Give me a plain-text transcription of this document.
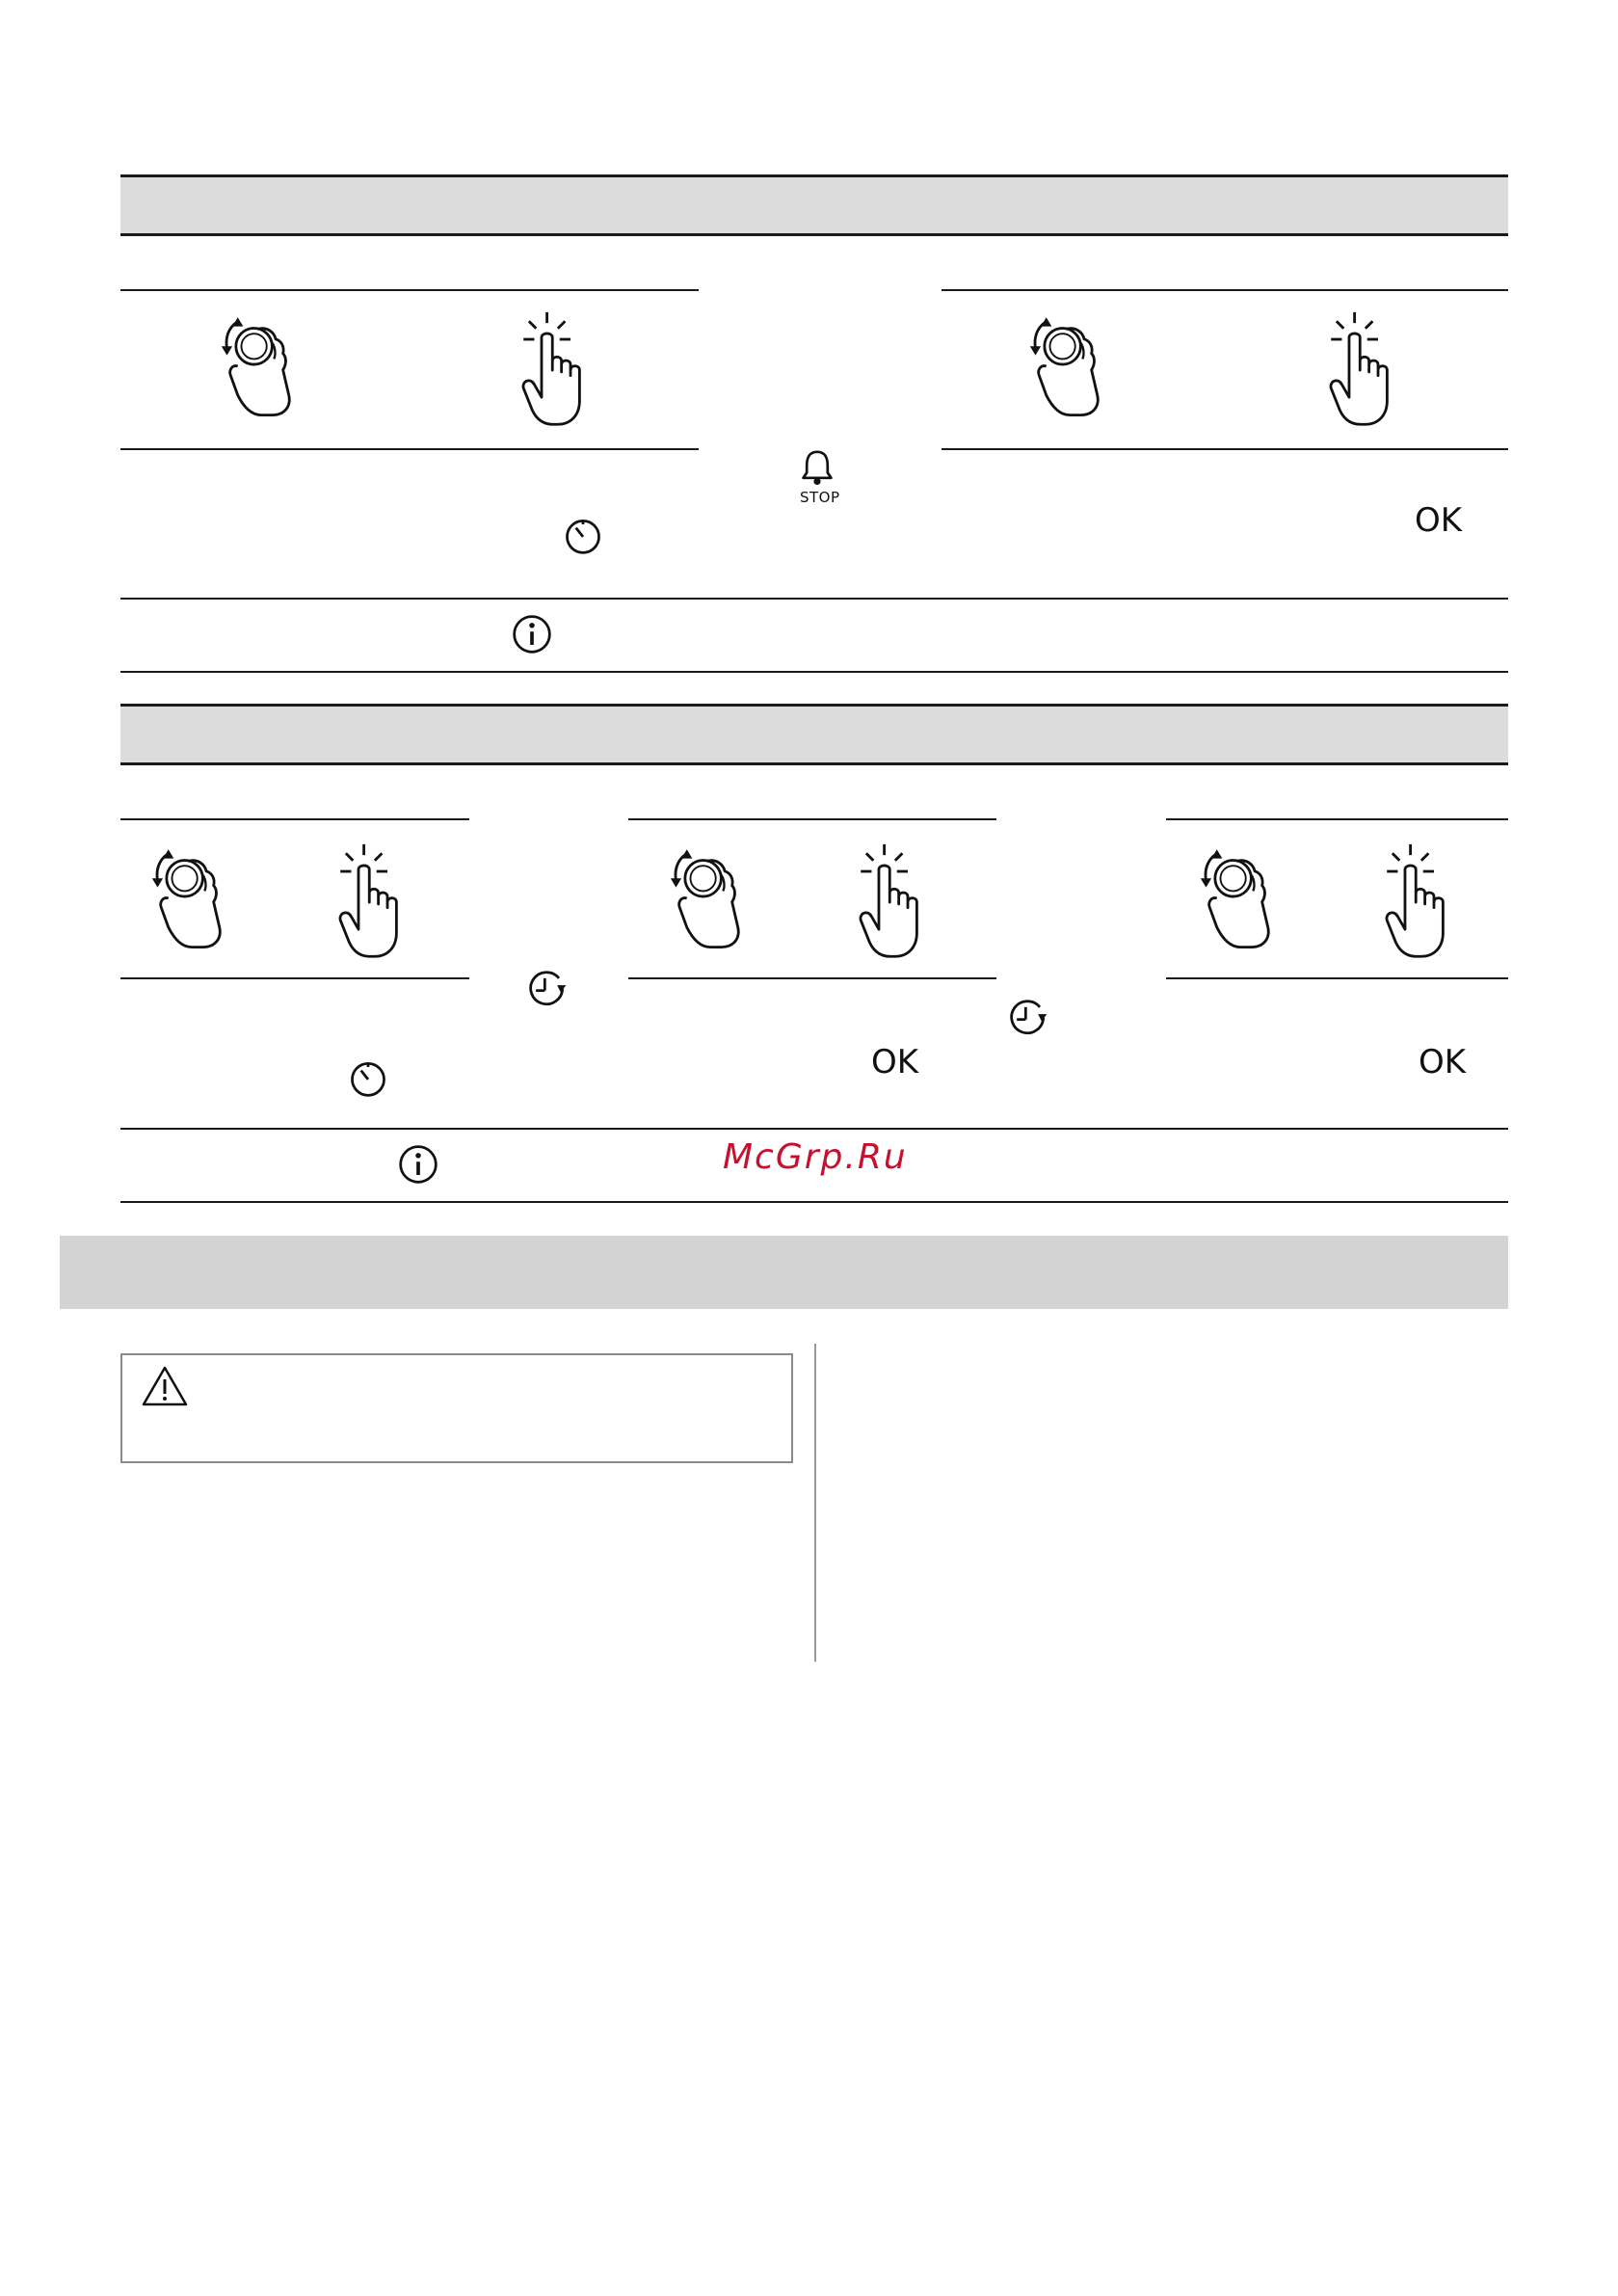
STOP
OK
OK	OK
McGrp.Ru
